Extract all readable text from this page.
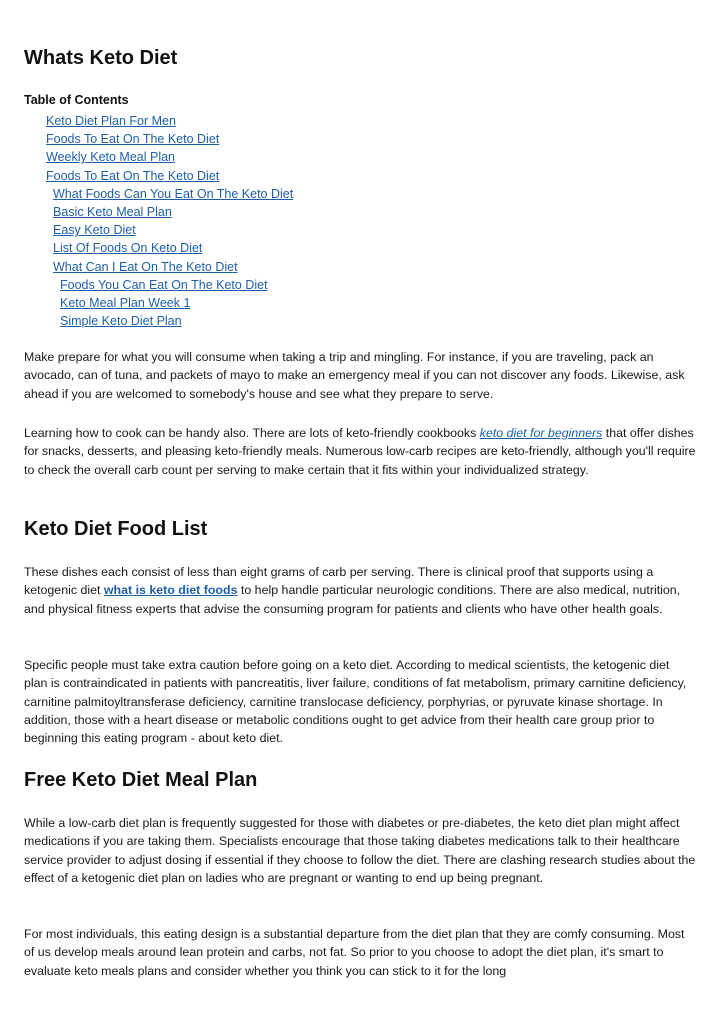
Whats Keto Diet
Table of Contents
Keto Diet Plan For Men
Foods To Eat On The Keto Diet
Weekly Keto Meal Plan
Foods To Eat On The Keto Diet
What Foods Can You Eat On The Keto Diet
Basic Keto Meal Plan
Easy Keto Diet
List Of Foods On Keto Diet
What Can I Eat On The Keto Diet
Foods You Can Eat On The Keto Diet
Keto Meal Plan Week 1
Simple Keto Diet Plan

Make prepare for what you will consume when taking a trip and mingling. For instance, if you are traveling, pack an avocado, can of tuna, and packets of mayo to make an emergency meal if you can not discover any foods. Likewise, ask ahead if you are welcomed to somebody's house and see what they prepare to serve.

Learning how to cook can be handy also. There are lots of keto-friendly cookbooks keto diet for beginners that offer dishes for snacks, desserts, and pleasing keto-friendly meals. Numerous low-carb recipes are keto-friendly, although you'll require to check the overall carb count per serving to make certain that it fits within your individualized strategy.

Keto Diet Food List

These dishes each consist of less than eight grams of carb per serving. There is clinical proof that supports using a ketogenic diet what is keto diet foods to help handle particular neurologic conditions. There are also medical, nutrition, and physical fitness experts that advise the consuming program for patients and clients who have other health goals.

Specific people must take extra caution before going on a keto diet. According to medical scientists, the ketogenic diet plan is contraindicated in patients with pancreatitis, liver failure, conditions of fat metabolism, primary carnitine deficiency, carnitine palmitoyltransferase deficiency, carnitine translocase deficiency, porphyrias, or pyruvate kinase shortage. In addition, those with a heart disease or metabolic conditions ought to get advice from their health care group prior to beginning this eating program - about keto diet.

Free Keto Diet Meal Plan

While a low-carb diet plan is frequently suggested for those with diabetes or pre-diabetes, the keto diet plan might affect medications if you are taking them. Specialists encourage that those taking diabetes medications talk to their healthcare service provider to adjust dosing if essential if they choose to follow the diet. There are clashing research studies about the effect of a ketogenic diet plan on ladies who are pregnant or wanting to end up being pregnant.

For most individuals, this eating design is a substantial departure from the diet plan that they are comfy consuming. Most of us develop meals around lean protein and carbs, not fat. So prior to you choose to adopt the diet plan, it's smart to evaluate keto meals plans and consider whether you think you can stick to it for the long
